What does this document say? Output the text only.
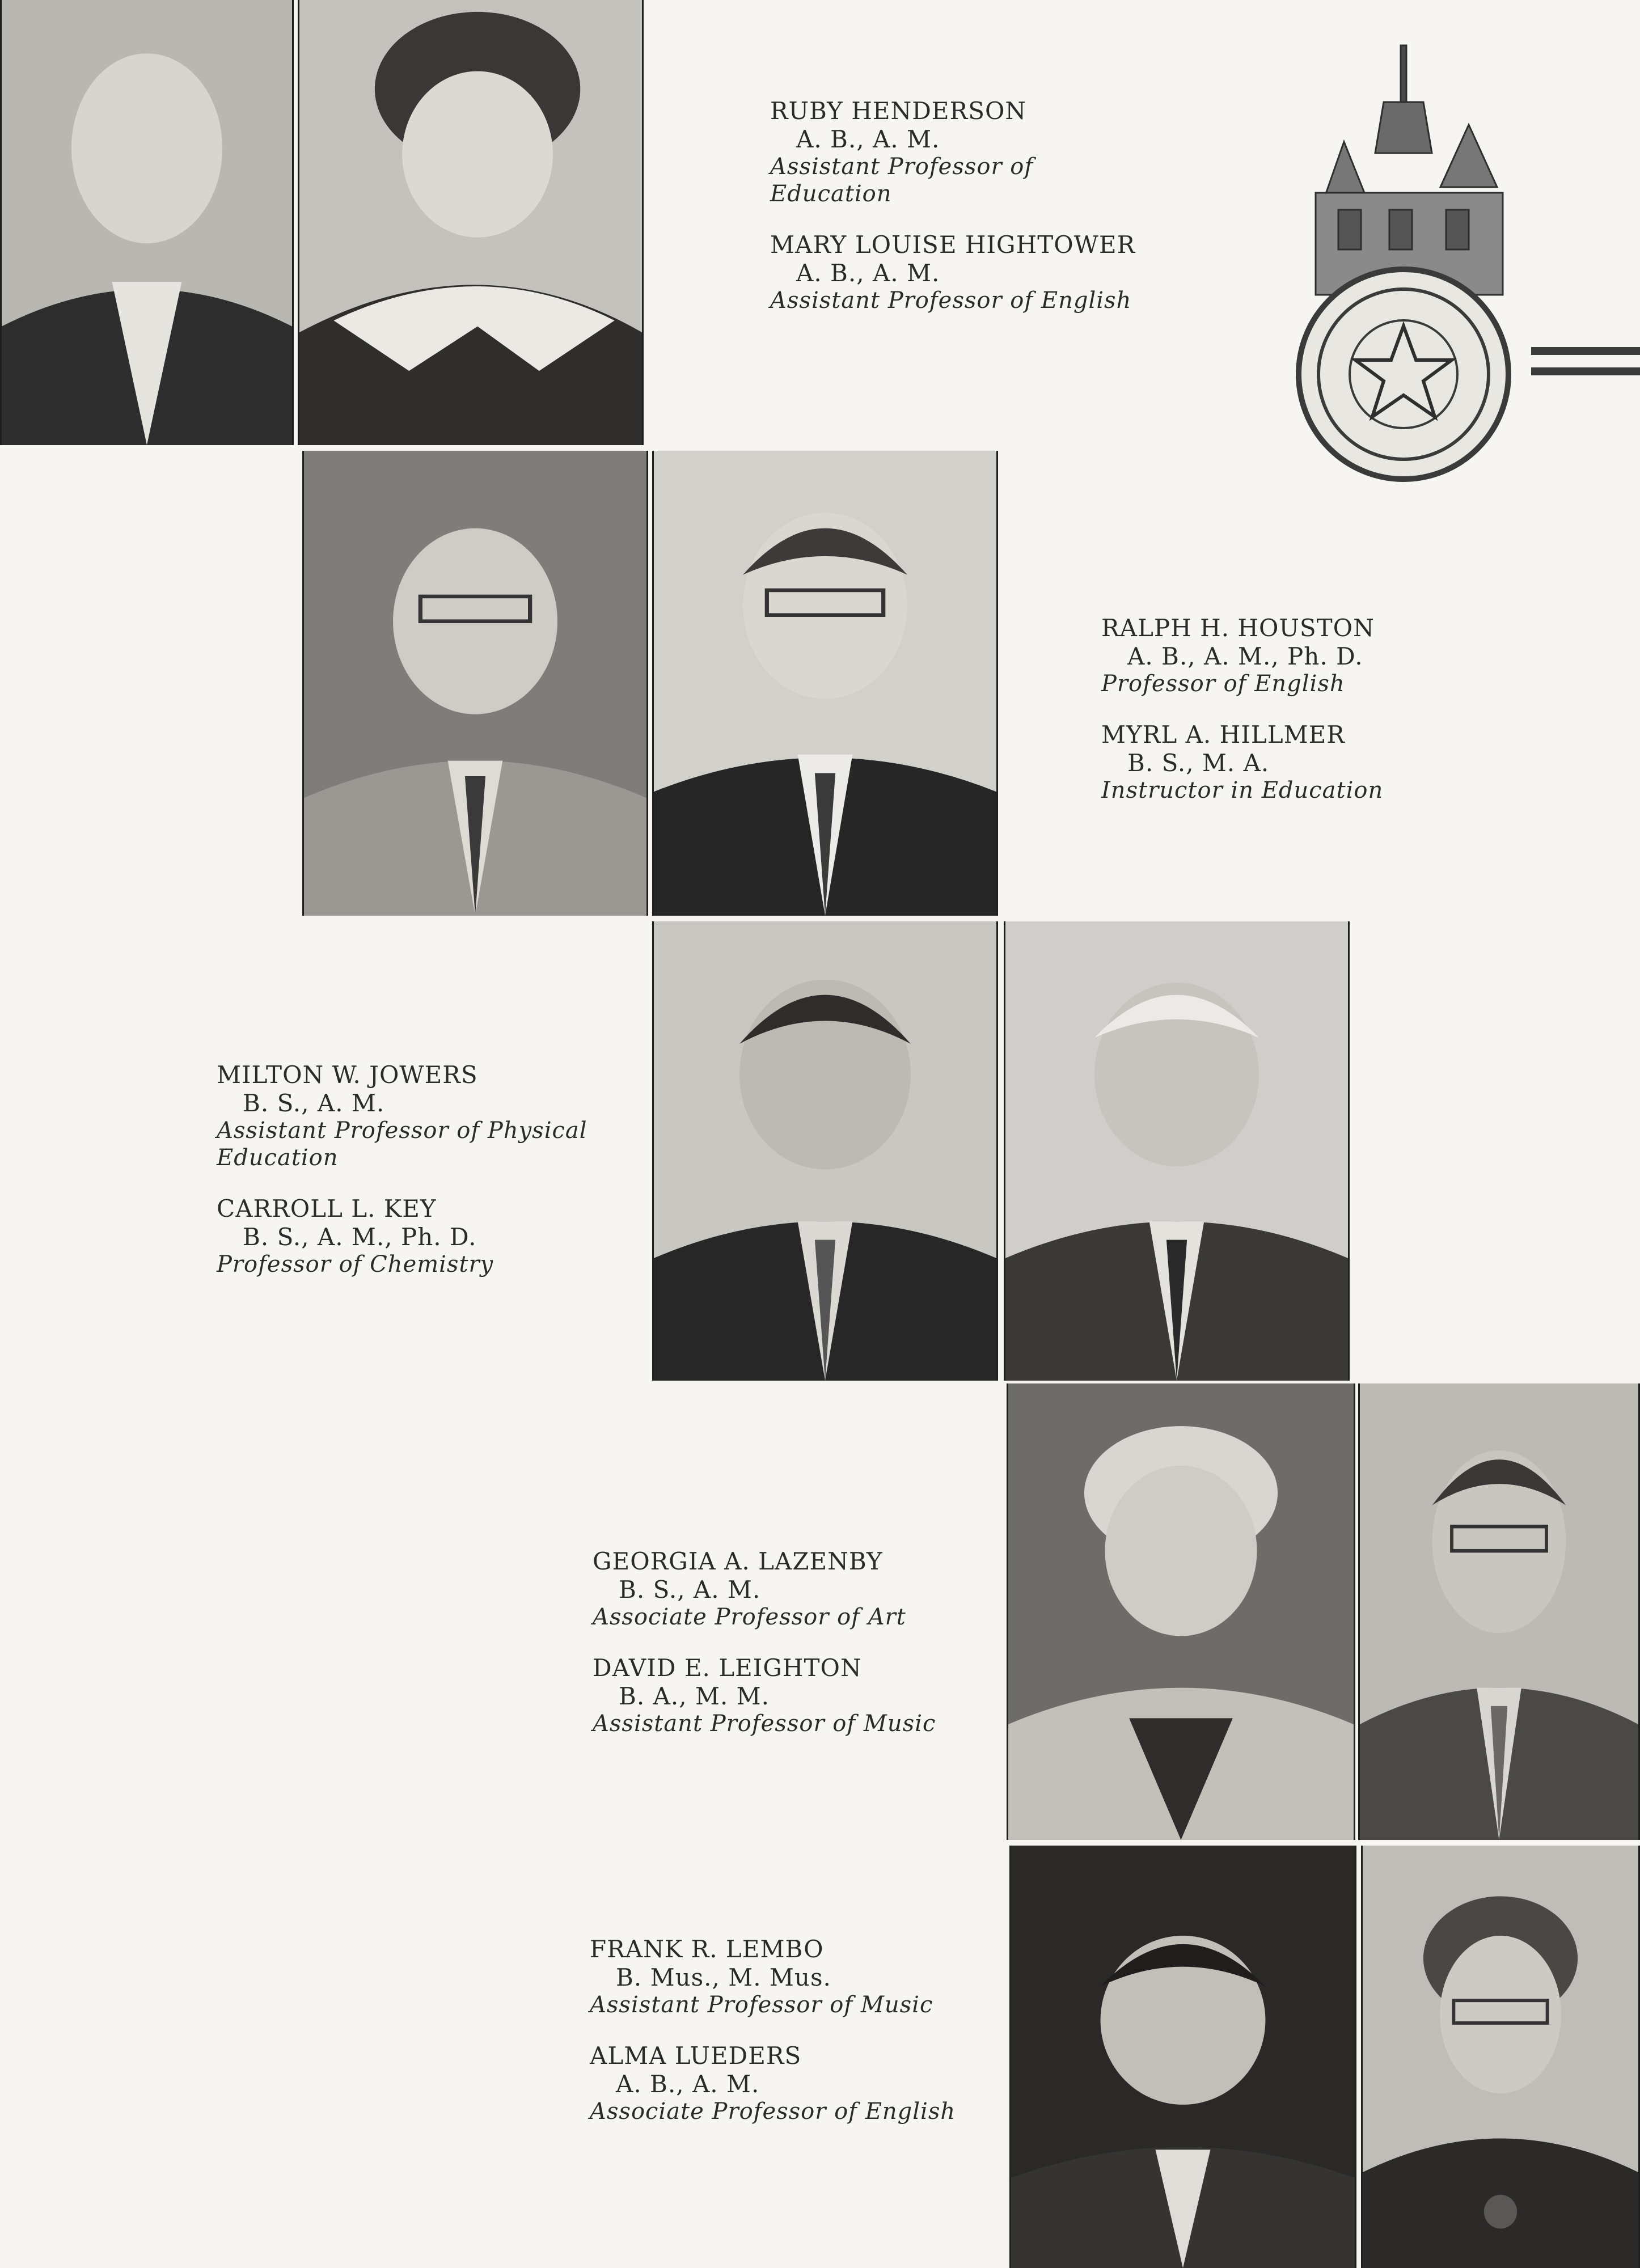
RUBY HENDERSON
A. B., A. M.
Assistant Professor of
Education
MARY LOUISE HIGHTOWER
A. B., A. M.
Assistant Professor of English
RALPH H. HOUSTON
A. B., A. M., Ph. D.
Professor of English
MYRL A. HILLMER
B. S., M. A.
Instructor in Education
MILTON W. JOWERS
B. S., A. M.
Assistant Professor of Physical
Education
CARROLL L. KEY
B. S., A. M., Ph. D.
Professor of Chemistry
GEORGIA A. LAZENBY
B. S., A. M.
Associate Professor of Art
DAVID E. LEIGHTON
B. A., M. M.
Assistant Professor of Music
FRANK R. LEMBO
B. Mus., M. Mus.
Assistant Professor of Music
ALMA LUEDERS
A. B., A. M.
Associate Professor of English
